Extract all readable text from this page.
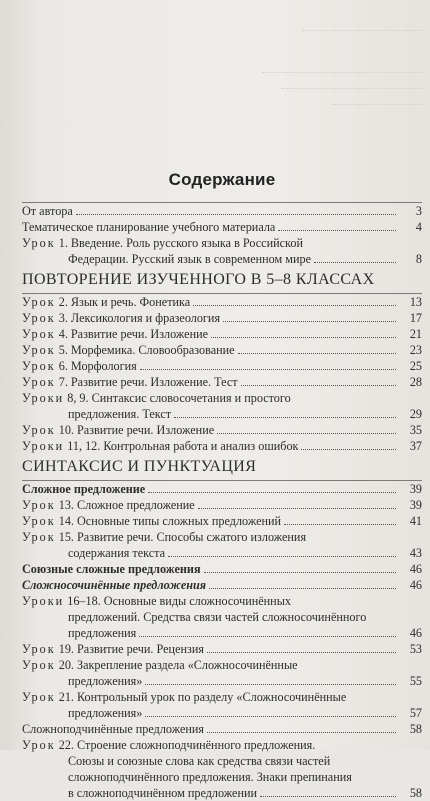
Содержание
От автора	3
Тематическое планирование учебного материала	4
Урок 1. Введение. Роль русского языка в Российской
Федерации. Русский язык в современном мире	8
ПОВТОРЕНИЕ ИЗУЧЕННОГО В 5–8 КЛАССАХ
Урок 2. Язык и речь. Фонетика	13
Урок 3. Лексикология и фразеология	17
Урок 4. Развитие речи. Изложение	21
Урок 5. Морфемика. Словообразование	23
Урок 6. Морфология	25
Урок 7. Развитие речи. Изложение. Тест	28
Уроки 8, 9. Синтаксис словосочетания и простого
предложения. Текст	29
Урок 10. Развитие речи. Изложение	35
Уроки 11, 12. Контрольная работа и анализ ошибок	37
СИНТАКСИС И ПУНКТУАЦИЯ
Сложное предложение	39
Урок 13. Сложное предложение	39
Урок 14. Основные типы сложных предложений	41
Урок 15. Развитие речи. Способы сжатого изложения
содержания текста	43
Союзные сложные предложения	46
Сложносочинённые предложения	46
Уроки 16–18. Основные виды сложносочинённых
предложений. Средства связи частей сложносочинённого
предложения	46
Урок 19. Развитие речи. Рецензия	53
Урок 20. Закрепление раздела «Сложносочинённые
предложения»	55
Урок 21. Контрольный урок по разделу «Сложносочинённые
предложения»	57
Сложноподчинённые предложения	58
Урок 22. Строение сложноподчинённого предложения.
Союзы и союзные слова как средства связи частей
сложноподчинённого предложения. Знаки препинания
в сложноподчинённом предложении	58
